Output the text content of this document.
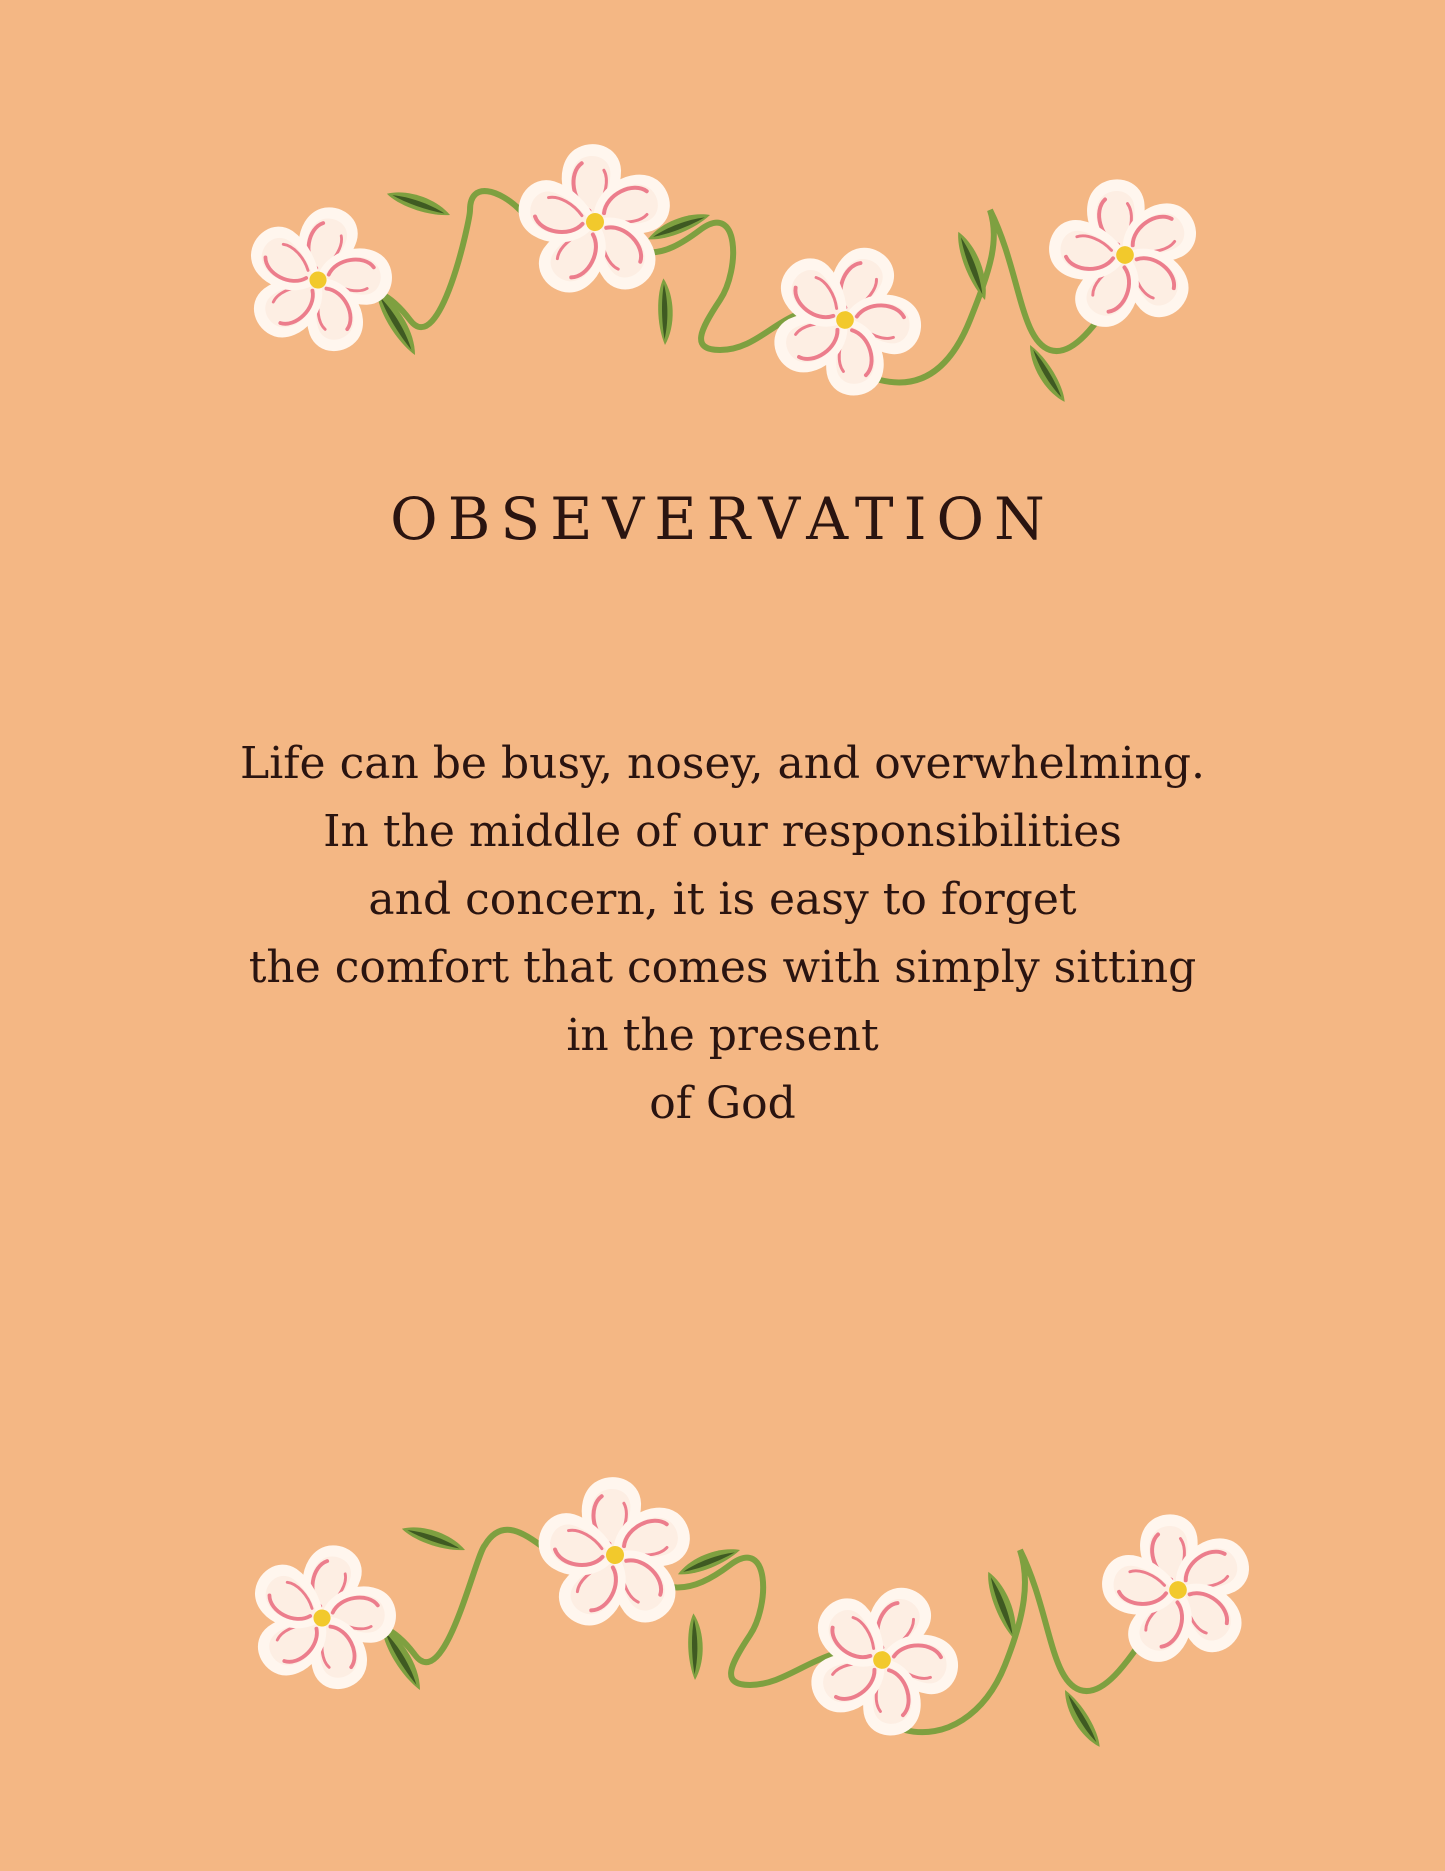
OBSEVERVATION
Life can be busy, nosey, and overwhelming.
In the middle of our responsibilities
and concern, it is easy to forget
the comfort that comes with simply sitting
in the present
of God
